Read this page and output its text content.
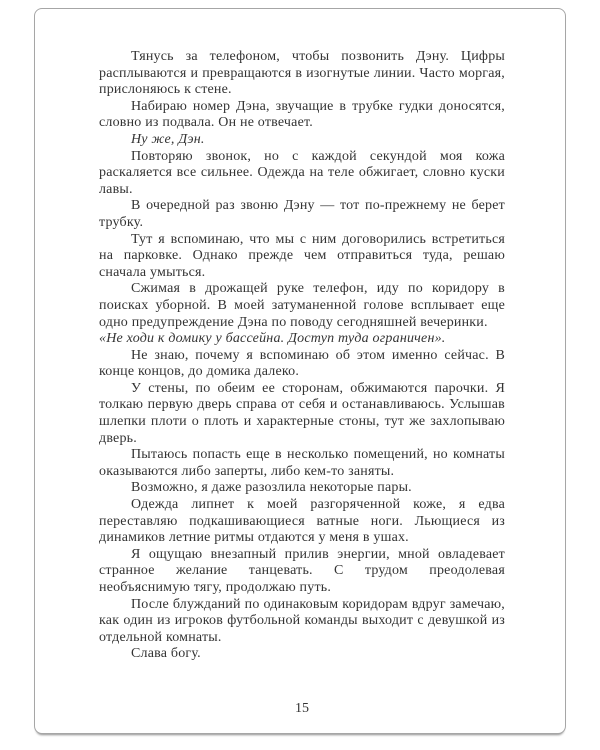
Тянусь за телефоном, чтобы позвонить Дэну. Цифры расплываются и превращаются в изогнутые линии. Часто моргая, прислоняюсь к стене.

Набираю номер Дэна, звучащие в трубке гудки доносятся, словно из подвала. Он не отвечает.

Ну же, Дэн.

Повторяю звонок, но с каждой секундой моя кожа раскаляется все сильнее. Одежда на теле обжигает, словно куски лавы.

В очередной раз звоню Дэну — тот по-прежнему не берет трубку.

Тут я вспоминаю, что мы с ним договорились встретиться на парковке. Однако прежде чем отправиться туда, решаю сначала умыться.

Сжимая в дрожащей руке телефон, иду по коридору в поисках уборной. В моей затуманенной голове всплывает еще одно предупреждение Дэна по поводу сегодняшней вечеринки.

«Не ходи к домику у бассейна. Доступ туда ограничен».

Не знаю, почему я вспоминаю об этом именно сейчас. В конце концов, до домика далеко.

У стены, по обеим ее сторонам, обжимаются парочки. Я толкаю первую дверь справа от себя и останавливаюсь. Услышав шлепки плоти о плоть и характерные стоны, тут же захлопываю дверь.

Пытаюсь попасть еще в несколько помещений, но комнаты оказываются либо заперты, либо кем-то заняты.

Возможно, я даже разозлила некоторые пары.

Одежда липнет к моей разгоряченной коже, я едва переставляю подкашивающиеся ватные ноги. Льющиеся из динамиков летние ритмы отдаются у меня в ушах.

Я ощущаю внезапный прилив энергии, мной овладевает странное желание танцевать. С трудом преодолевая необъяснимую тягу, продолжаю путь.

После блужданий по одинаковым коридорам вдруг замечаю, как один из игроков футбольной команды выходит с девушкой из отдельной комнаты.

Слава богу.

15
